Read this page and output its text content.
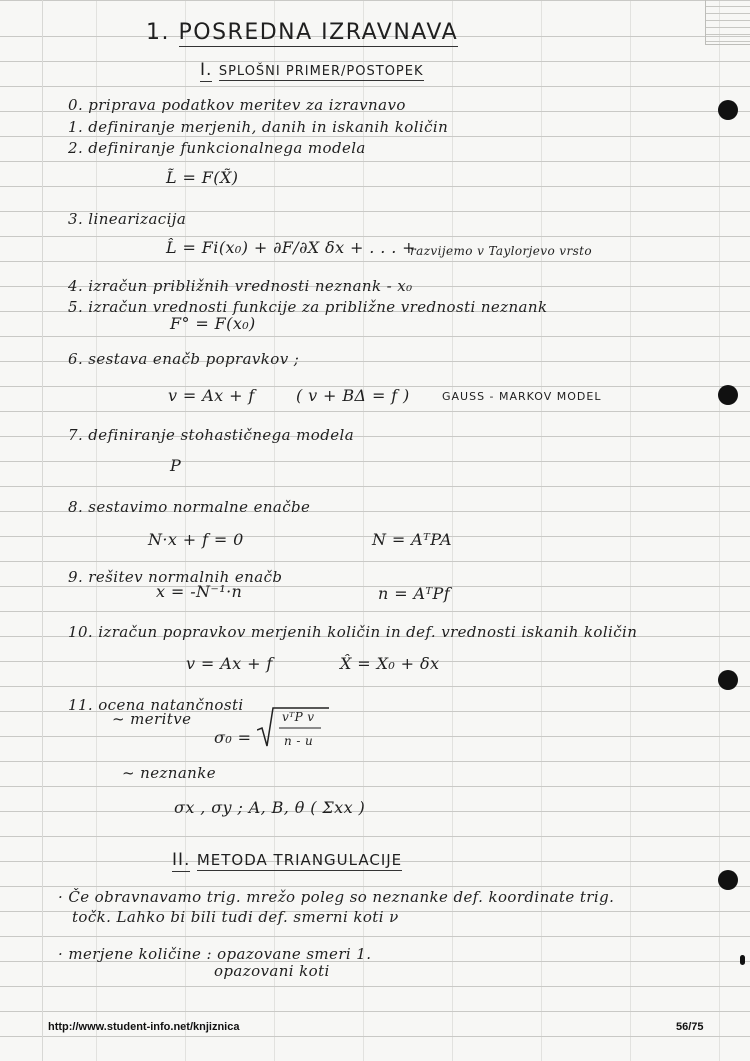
1. POSREDNA IZRAVNAVA
I. SPLOŠNI PRIMER/POSTOPEK
0. priprava podatkov meritev za izravnavo
1. definiranje merjenih, danih in iskanih količin
2. definiranje funkcionalnega modela
L̃ = F(X̃)
3. linearizacija
L̂ = Fi(x₀) + ∂F/∂X δx + . . . +
razvijemo v Taylorjevo vrsto
4. izračun približnih vrednosti neznank - x₀
5. izračun vrednosti funkcije za približne vrednosti neznank
F° = F(x₀)
6. sestava enačb popravkov ;
v = Ax + f	( v + BΔ = f )	GAUSS - MARKOV MODEL
7. definiranje stohastičnega modela
P
8. sestavimo normalne enačbe
N·x + f = 0	N = AᵀPA
9. rešitev normalnih enačb
x = -N⁻¹·n	n = AᵀPf
10. izračun popravkov merjenih količin in def. vrednosti iskanih količin
v = Ax + f	X̂ = X₀ + δx
11. ocena natančnosti
~ meritve
σ₀ =
vᵀP v
n - u
~ neznanke
σx , σy ; A, B, θ ( Σxx )
II. METODA TRIANGULACIJE
· Če obravnavamo trig. mrežo poleg so neznanke def. koordinate trig.
točk. Lahko bi bili tudi def. smerni koti ν
· merjene količine : opazovane smeri 1.
opazovani koti
http://www.student-info.net/knjiznica	56/75
